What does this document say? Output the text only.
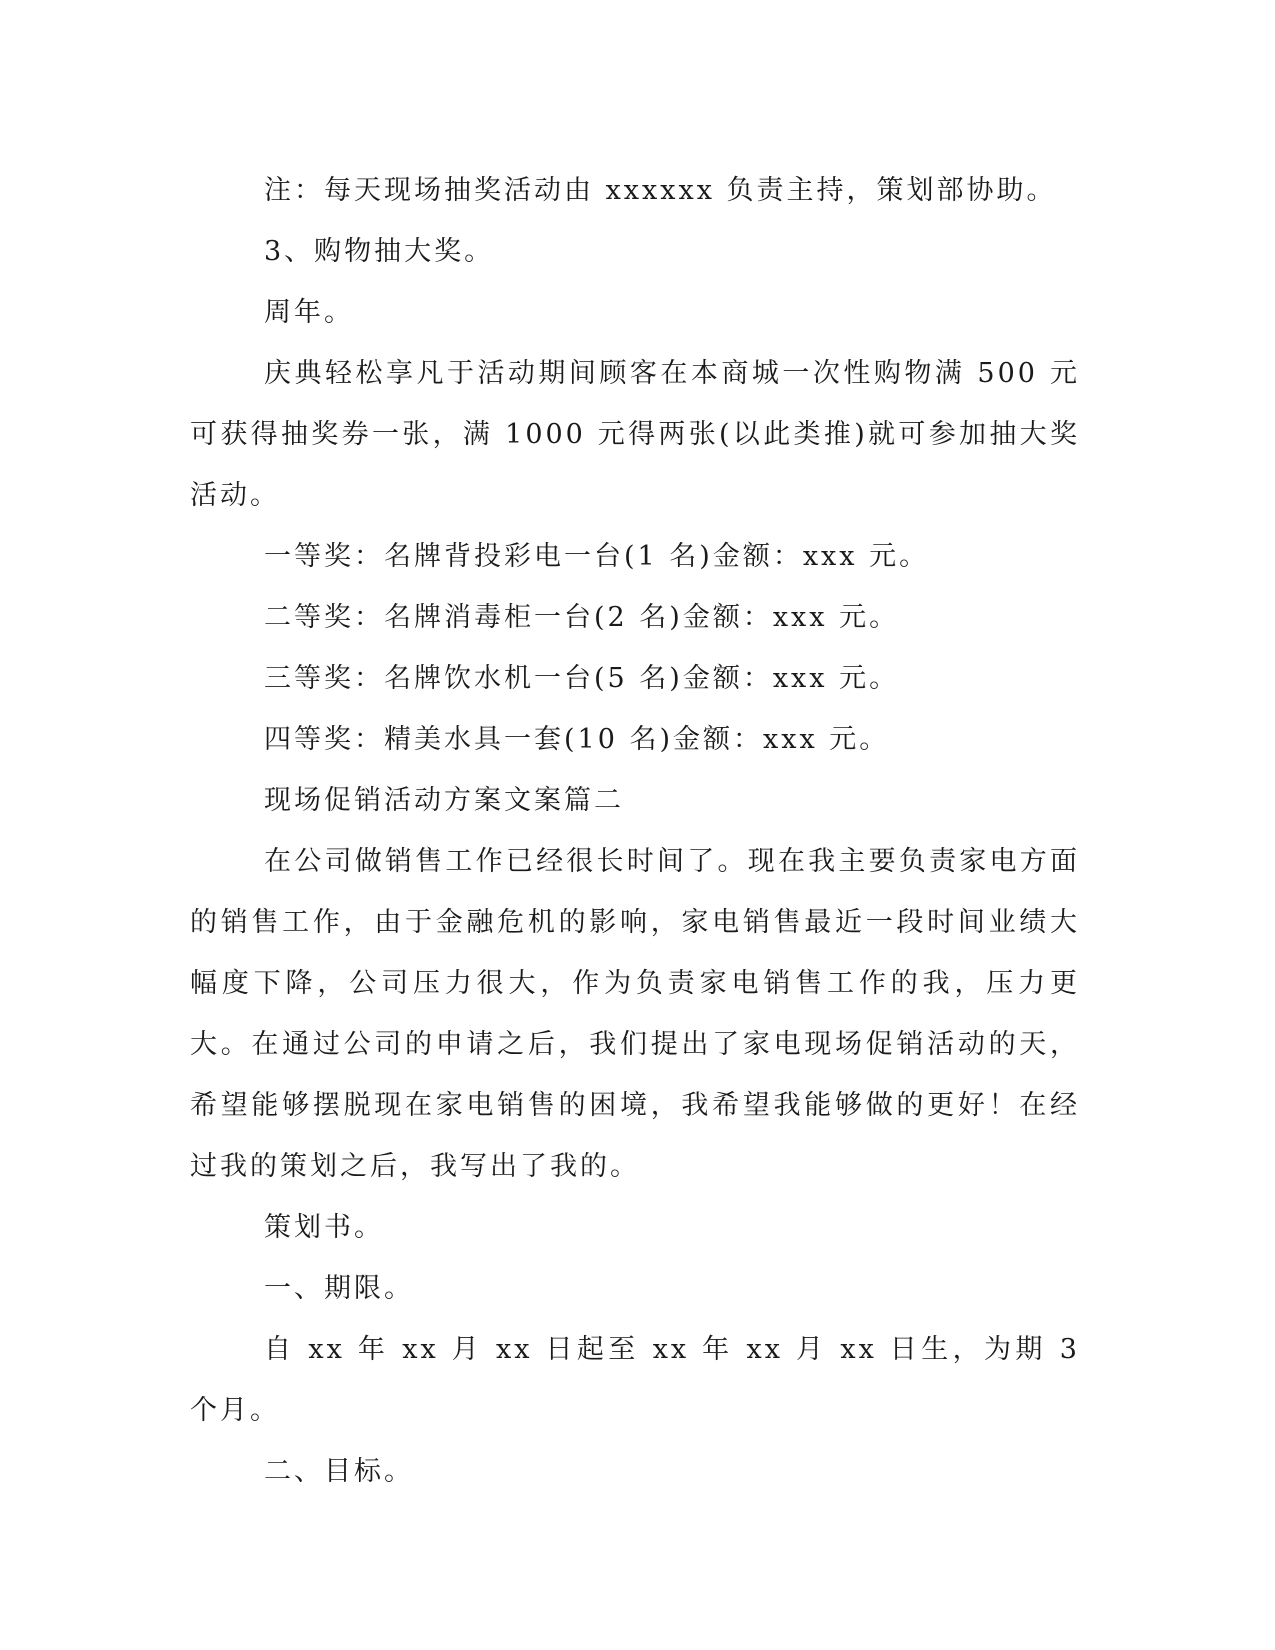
注：每天现场抽奖活动由 xxxxxx 负责主持，策划部协助。

3、购物抽大奖。

周年。

庆典轻松享凡于活动期间顾客在本商城一次性购物满 500 元可获得抽奖券一张，满 1000 元得两张(以此类推)就可参加抽大奖活动。

一等奖：名牌背投彩电一台(1 名)金额：xxx 元。

二等奖：名牌消毒柜一台(2 名)金额：xxx 元。

三等奖：名牌饮水机一台(5 名)金额：xxx 元。

四等奖：精美水具一套(10 名)金额：xxx 元。

现场促销活动方案文案篇二

在公司做销售工作已经很长时间了。现在我主要负责家电方面的销售工作，由于金融危机的影响，家电销售最近一段时间业绩大幅度下降，公司压力很大，作为负责家电销售工作的我，压力更大。在通过公司的申请之后，我们提出了家电现场促销活动的天，希望能够摆脱现在家电销售的困境，我希望我能够做的更好！在经过我的策划之后，我写出了我的。

策划书。

一、期限。

自 xx 年 xx 月 xx 日起至 xx 年 xx 月 xx 日生，为期 3 个月。

二、目标。
